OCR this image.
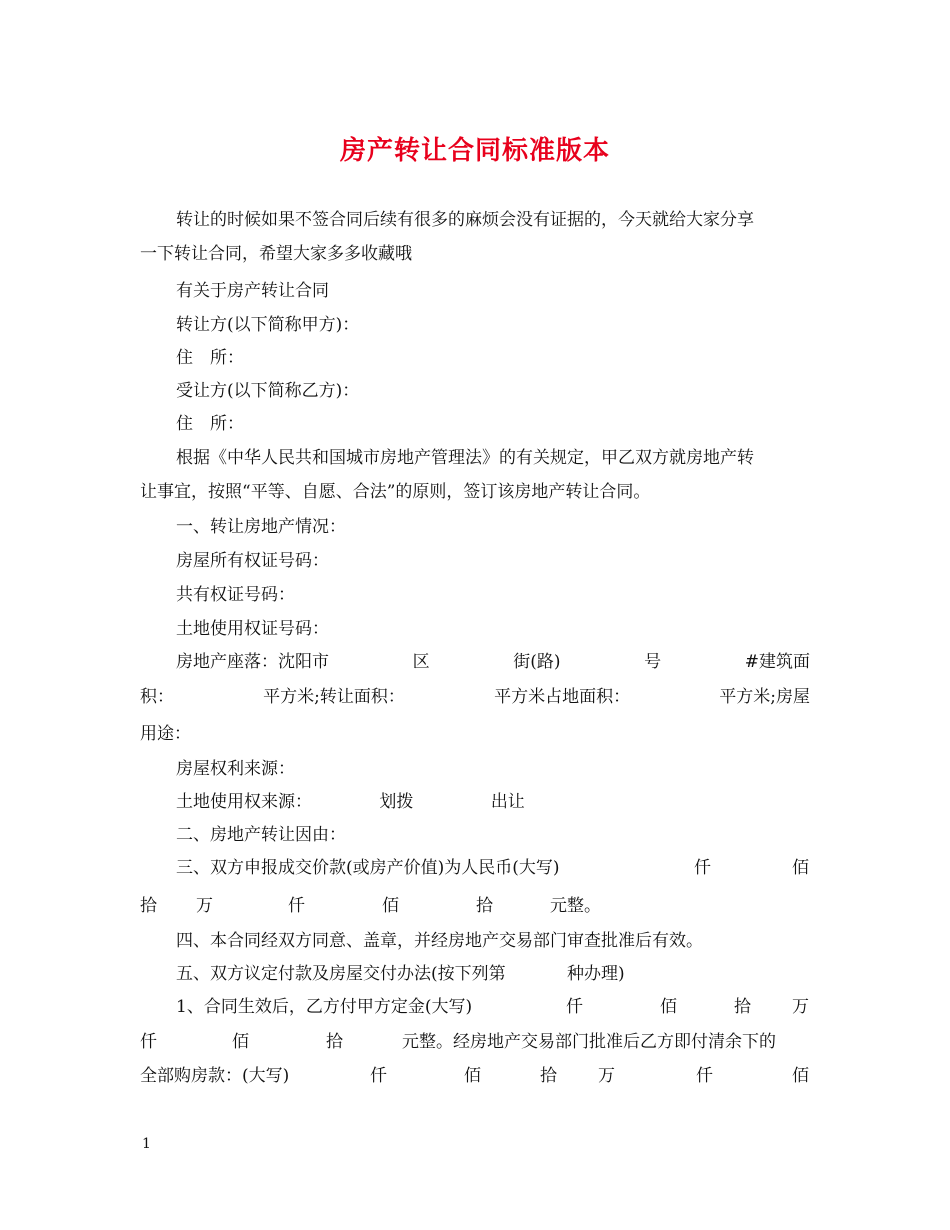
房产转让合同标准版本
转让的时候如果不签合同后续有很多的麻烦会没有证据的，今天就给大家分享
一下转让合同，希望大家多多收藏哦
有关于房产转让合同
转让方(以下简称甲方)：
住　所：
受让方(以下简称乙方)：
住　所：
根据《中华人民共和国城市房地产管理法》的有关规定，甲乙双方就房地产转
让事宜，按照“平等、自愿、合法”的原则，签订该房地产转让合同。
一、转让房地产情况：
房屋所有权证号码：
共有权证号码：
土地使用权证号码：
房地产座落：沈阳市	区	街(路)	号	#建筑面
积：	平方米;转让面积：	平方米占地面积：	平方米;房屋
用途：
房屋权利来源：
土地使用权来源：	划拨	出让
二、房地产转让因由：
三、双方申报成交价款(或房产价值)为人民币(大写)	仟	佰
拾 万	仟	佰	拾	元整。
四、本合同经双方同意、盖章，并经房地产交易部门审查批准后有效。
五、双方议定付款及房屋交付办法(按下列第	种办理)
1、合同生效后，乙方付甲方定金(大写)	仟	佰	拾 万
仟	佰	拾	元整。经房地产交易部门批准后乙方即付清余下的
全部购房款：(大写)	仟	佰	拾 万	仟	佰
1
